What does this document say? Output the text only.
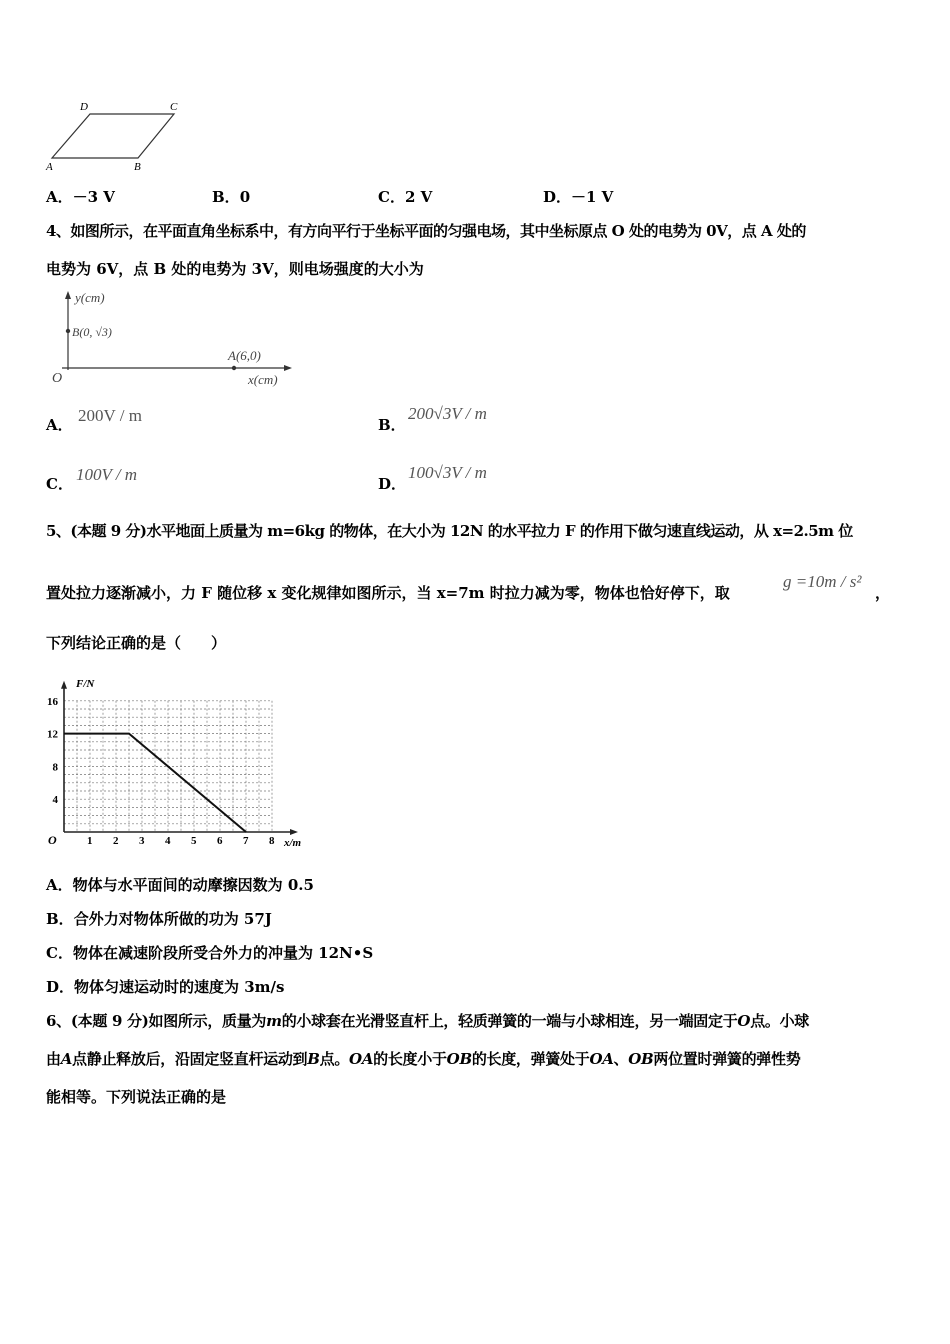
D	C
A	B
A．－3 V	B．0	C．2 V	D．－1 V
4、如图所示，在平面直角坐标系中，有方向平行于坐标平面的匀强电场，其中坐标原点 O 处的电势为 0V，点 A 处的
电势为 6V，点 B 处的电势为 3V，则电场强度的大小为
y(cm)
B(0, √3)
A(6,0)
O	x(cm)
A． 200V / m	B．
200√3V / m
C． 100V / m	D．
100√3V / m
5、(本题 9 分)水平地面上质量为 m=6kg 的物体，在大小为 12N 的水平拉力 F 的作用下做匀速直线运动，从 x=2.5m 位
置处拉力逐渐减小，力 F 随位移 x 变化规律如图所示，当 x=7m 时拉力减为零，物体也恰好停下，取
g =10m / s²
，
下列结论正确的是（　　）
F/N
x/m
O	1 2 3 4 5 6 7 8
16
12
8
4
A．物体与水平面间的动摩擦因数为 0.5
B．合外力对物体所做的功为 57J
C．物体在减速阶段所受合外力的冲量为 12N•S
D．物体匀速运动时的速度为 3m/s
6、(本题 9 分)如图所示，质量为m的小球套在光滑竖直杆上，轻质弹簧的一端与小球相连，另一端固定于O点。小球
由A点静止释放后，沿固定竖直杆运动到B点。OA的长度小于OB的长度，弹簧处于OA、OB两位置时弹簧的弹性势
能相等。下列说法正确的是
